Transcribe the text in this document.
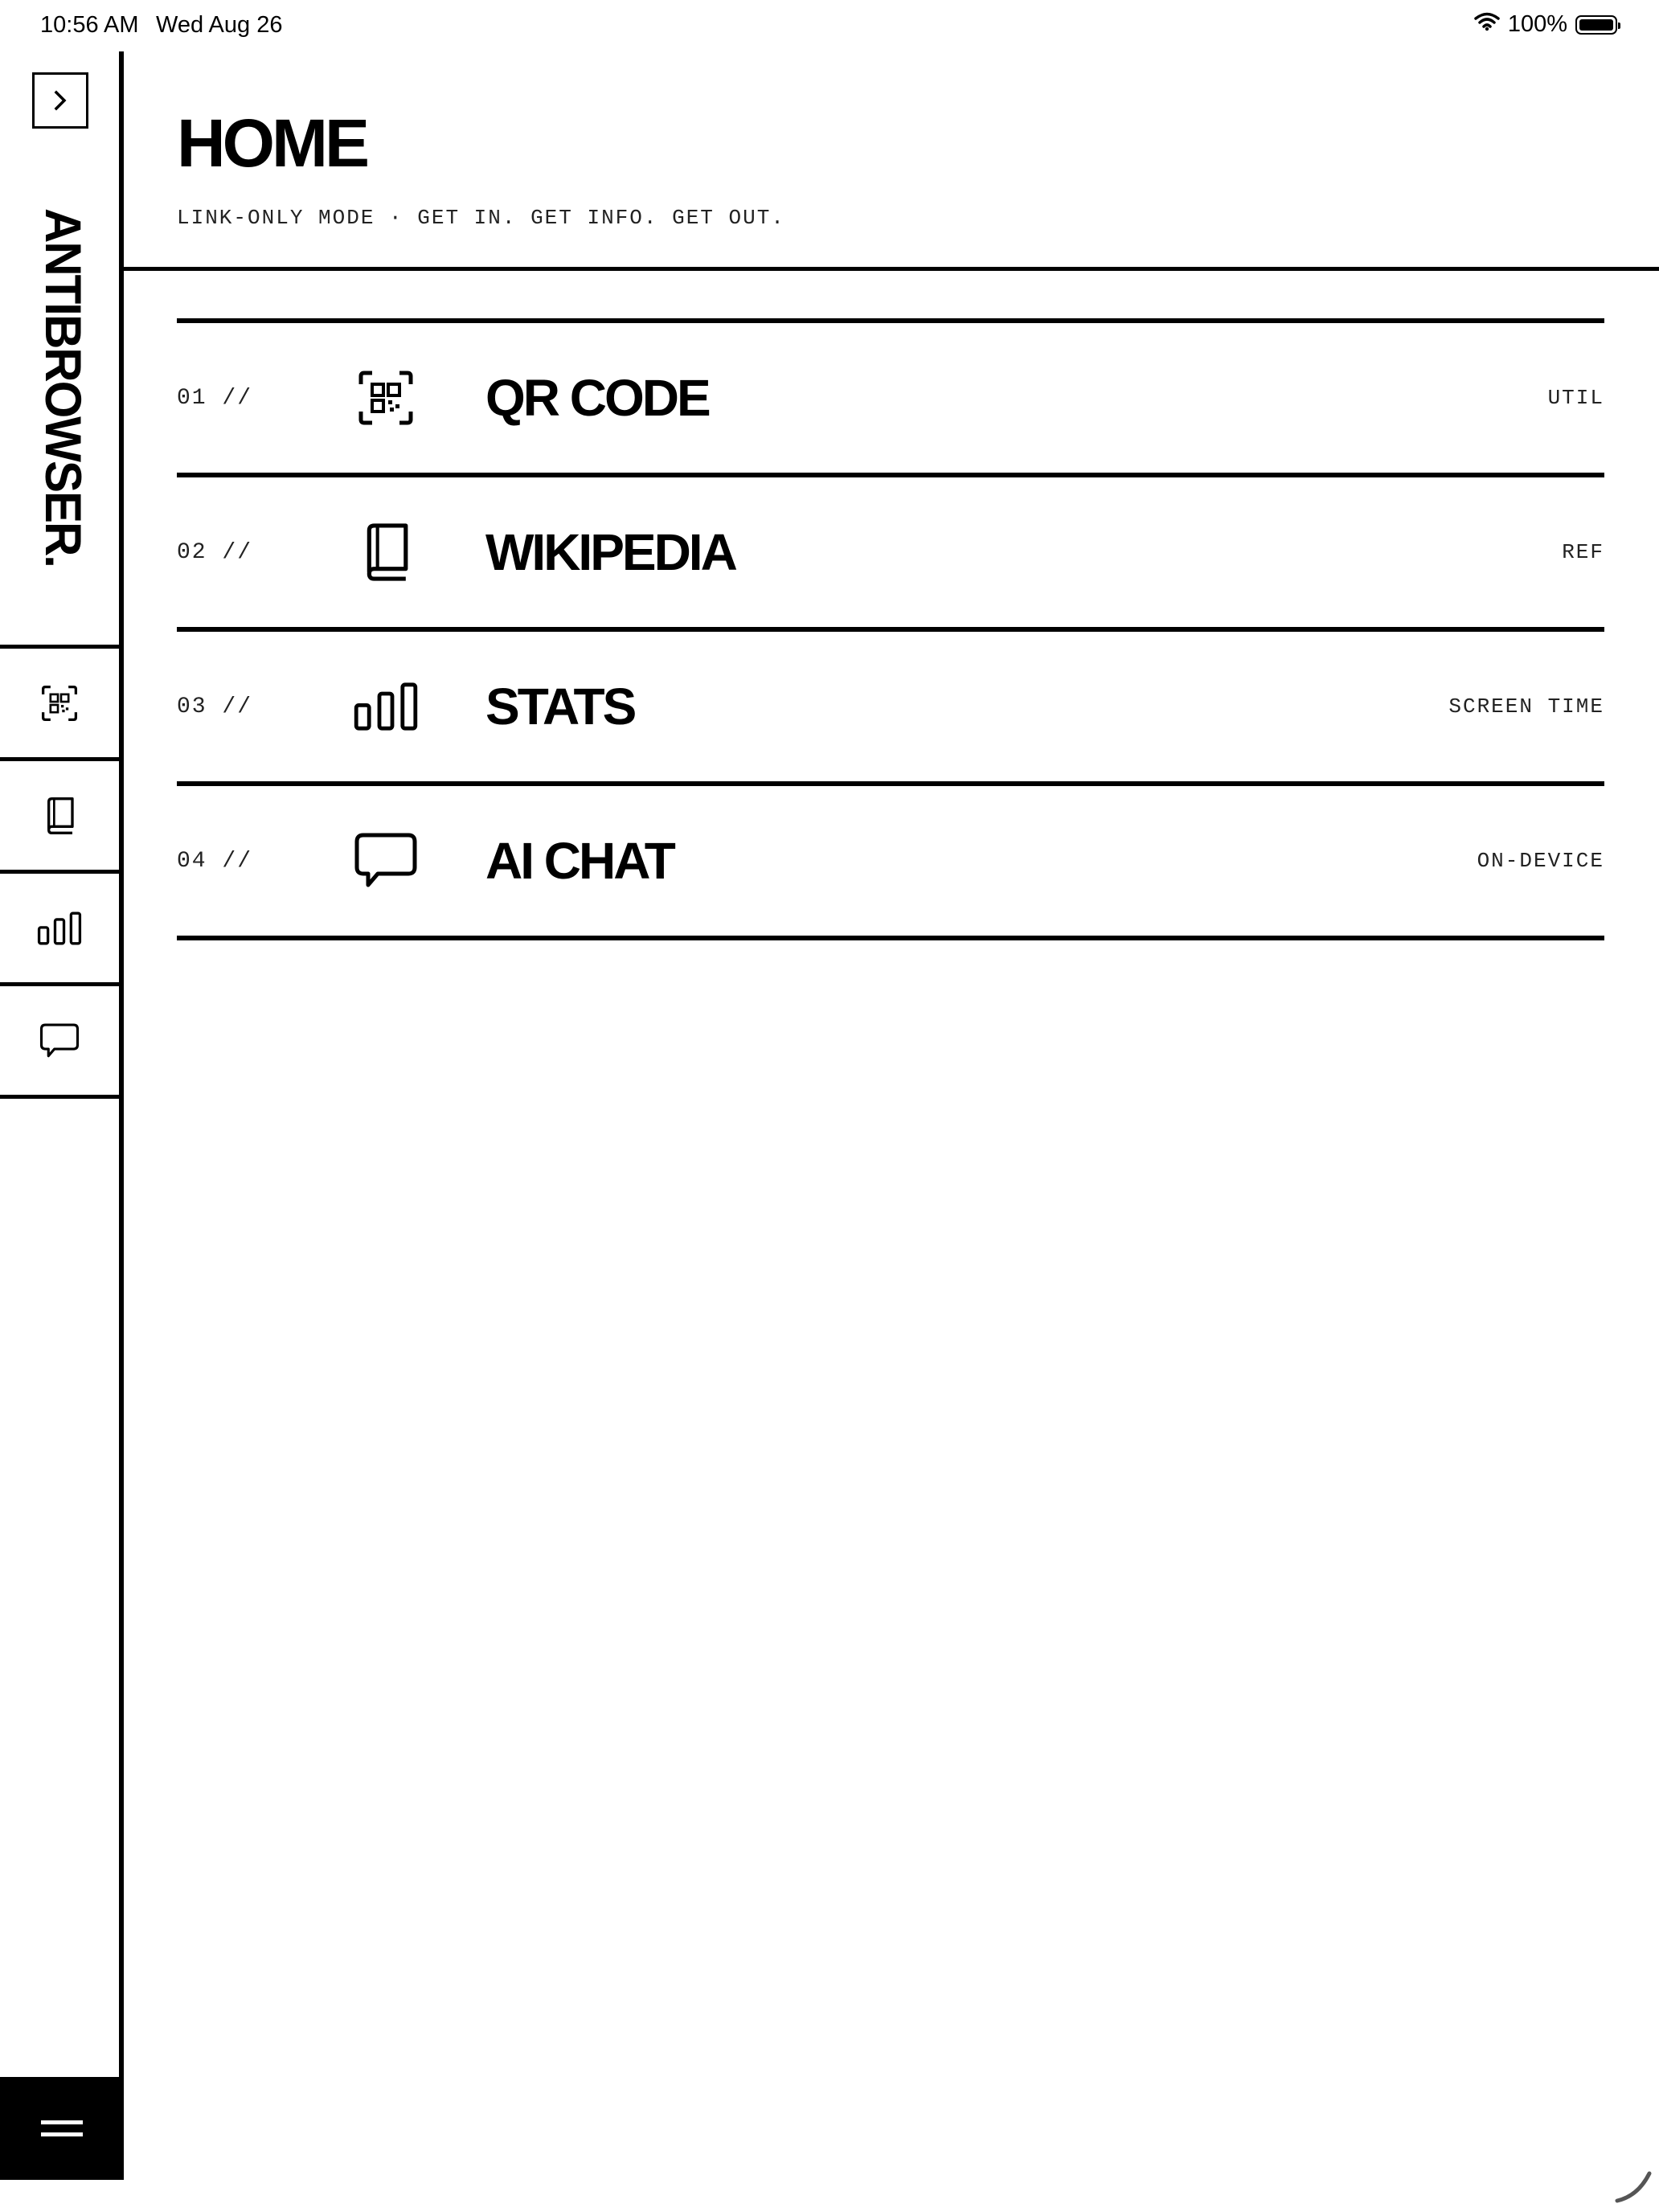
10:56 AM Wed Aug 26	100%
ANTIBROWSER.
HOME
LINK-ONLY MODE · GET IN. GET INFO. GET OUT.
01 //	QR CODE	UTIL
02 //	WIKIPEDIA	REF
03 //	STATS	SCREEN TIME
04 //	AI CHAT	ON-DEVICE
